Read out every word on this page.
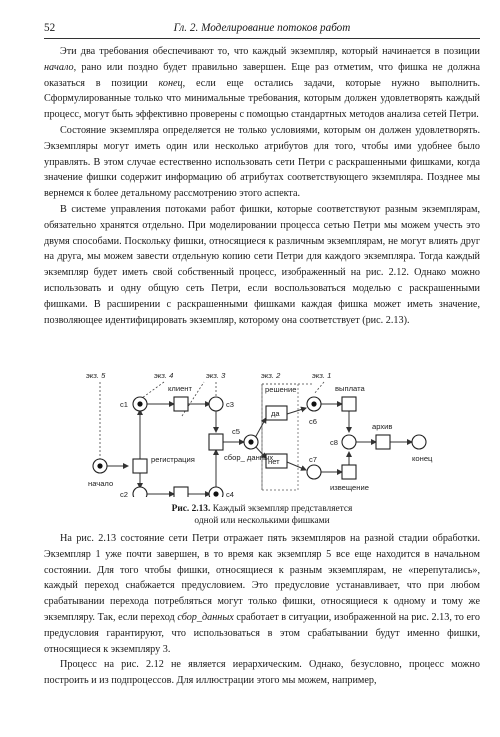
52	Гл. 2. Моделирование потоков работ

Эти два требования обеспечивают то, что каждый экземпляр, который начинается в позиции начало, рано или поздно будет правильно завершен. Еще раз отметим, что фишка не должна оказаться в позиции конец, если еще остались задачи, которые нужно выполнить. Сформулированные только что минимальные требования, которым должен удовлетворять каждый процесс, могут быть эффективно проверены с помощью стандартных методов анализа сетей Петри.

Состояние экземпляра определяется не только условиями, которым он должен удовлетворять. Экземпляры могут иметь один или несколько атрибутов для того, чтобы ими удобнее было управлять. В этом случае естественно использовать сети Петри с раскрашенными фишками, когда значение фишки содержит информацию об атрибутах соответствующего экземпляра. Позднее мы вернемся к более детальному рассмотрению этого аспекта.

В системе управления потоками работ фишки, которые соответствуют разным экземплярам, обязательно хранятся отдельно. При моделировании процесса сетью Петри мы можем учесть это двумя способами. Поскольку фишки, относящиеся к различным экземплярам, не могут влиять друг на друга, мы можем завести отдельную копию сети Петри для каждого экземпляра. Тогда каждый экземпляр будет иметь свой собственный процесс, изображенный на рис. 2.12. Однако можно использовать и одну общую сеть Петри, если воспользоваться моделью с раскрашенными фишками. В расширении с раскрашенными фишками каждая фишка может иметь значение, позволяющее идентифицировать экземпляр, которому она соответствует (рис. 2.13).

экз. 5	экз. 4	экз. 3	экз. 2	экз. 1
начало
c1
c2
c3
c4
c5
c6
c7
c8
конец
регистрация
клиент
сбор_ данных
решение
да
нет
выплата
извещение
архив
Рис. 2.13. Каждый экземпляр представляется
одной или несколькими фишками

На рис. 2.13 состояние сети Петри отражает пять экземпляров на разной стадии обработки. Экземпляр 1 уже почти завершен, в то время как экземпляр 5 все еще находится в начальном состоянии. Для того чтобы фишки, относящиеся к разным экземплярам, не «перепутались», каждый переход снабжается предусловием. Это предусловие устанавливает, что при любом срабатывании перехода потребляться могут только фишки, относящиеся к одному и тому же экземпляру. Так, если переход сбор_данных сработает в ситуации, изображенной на рис. 2.13, то его предусловия гарантируют, что использоваться в этом срабатывании будут именно фишки, относящиеся к экземпляру 3.

Процесс на рис. 2.12 не является иерархическим. Однако, безусловно, процесс можно построить и из подпроцессов. Для иллюстрации этого мы можем, например,
